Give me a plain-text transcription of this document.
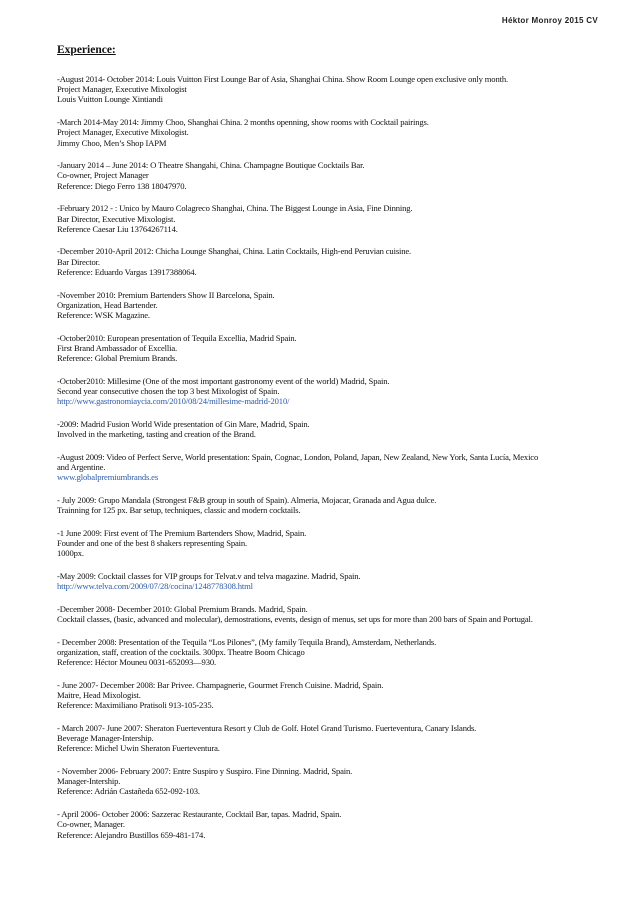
Héktor Monroy 2015 CV
Experience:
-August 2014- October 2014: Louis Vuitton First Lounge Bar of Asia, Shanghai China. Show Room Lounge open exclusive only month.
Project Manager, Executive Mixologist
Louis Vuitton Lounge Xintiandi
-March 2014-May 2014: Jimmy Choo, Shanghai China. 2 months openning, show rooms with Cocktail pairings.
Project Manager, Executive Mixologist.
Jimmy Choo, Men’s Shop IAPM
-January 2014 – June 2014: O Theatre Shangahi, China. Champagne Boutique Cocktails Bar.
Co-owner, Project Manager
Reference: Diego Ferro 138 18047970.
-February 2012 - : Unico by Mauro Colagreco Shanghai, China. The Biggest Lounge in Asia, Fine Dinning.
Bar Director, Executive Mixologist.
Reference Caesar Liu 13764267114.
-December 2010-April 2012: Chicha Lounge Shanghai, China. Latin Cocktails, High-end Peruvian cuisine.
Bar Director.
Reference: Eduardo Vargas 13917388064.
-November 2010: Premium Bartenders Show II Barcelona, Spain.
Organization, Head Bartender.
Reference: WSK Magazine.
-October2010: European presentation of Tequila Excellia, Madrid Spain.
First Brand Ambassador of Excellia.
Reference: Global Premium Brands.
-October2010: Millesime (One of the most important gastronomy event of the world) Madrid, Spain.
Second year consecutive chosen the top 3 best Mixologist of Spain.
http://www.gastronomiaycia.com/2010/08/24/millesime-madrid-2010/
-2009: Madrid Fusion World Wide presentation of Gin Mare, Madrid, Spain.
Involved in the marketing, tasting and creation of the Brand.
-August 2009: Video of Perfect Serve, World presentation: Spain, Cognac, London, Poland, Japan, New Zealand, New York, Santa Lucía, Mexico
and Argentine.
www.globalpremiumbrands.es
- July 2009: Grupo Mandala (Strongest F&B group in south of Spain). Almeria, Mojacar, Granada and Agua dulce.
Trainning for 125 px. Bar setup, techniques, classic and modern cocktails.
-1 June 2009: First event of The Premium Bartenders Show, Madrid, Spain.
Founder and one of the best 8 shakers representing Spain.
1000px.
-May 2009: Cocktail classes for VIP groups for Telvat.v and telva magazine. Madrid, Spain.
http://www.telva.com/2009/07/28/cocina/1248778308.html
-December 2008- December 2010: Global Premium Brands. Madrid, Spain.
Cocktail classes, (basic, advanced and molecular), demostrations, events, design of menus, set ups for more than 200 bars of Spain and Portugal.
- December 2008: Presentation of the Tequila “Los Pilones”, (My family Tequila Brand), Amsterdam, Netherlands.
organization, staff, creation of the cocktails. 300px. Theatre Boom Chicago
Reference: Héctor Mouneu 0031-652093—930.
- June 2007- December 2008: Bar Privee. Champagnerie, Gourmet French Cuisine. Madrid, Spain.
Maitre, Head Mixologist.
Reference: Maximiliano Pratisoli 913-105-235.
- March 2007- June 2007: Sheraton Fuerteventura Resort y Club de Golf. Hotel Grand Turismo. Fuerteventura, Canary Islands.
Beverage Manager-Intership.
Reference: Michel Uwin Sheraton Fuerteventura.
- November 2006- February 2007: Entre Suspiro y Suspiro. Fine Dinning. Madrid, Spain.
Manager-Intership.
Reference: Adrián Castañeda 652-092-103.
- April 2006- October 2006: Sazzerac Restaurante, Cocktail Bar, tapas. Madrid, Spain.
Co-owner, Manager.
Reference: Alejandro Bustillos 659-481-174.
